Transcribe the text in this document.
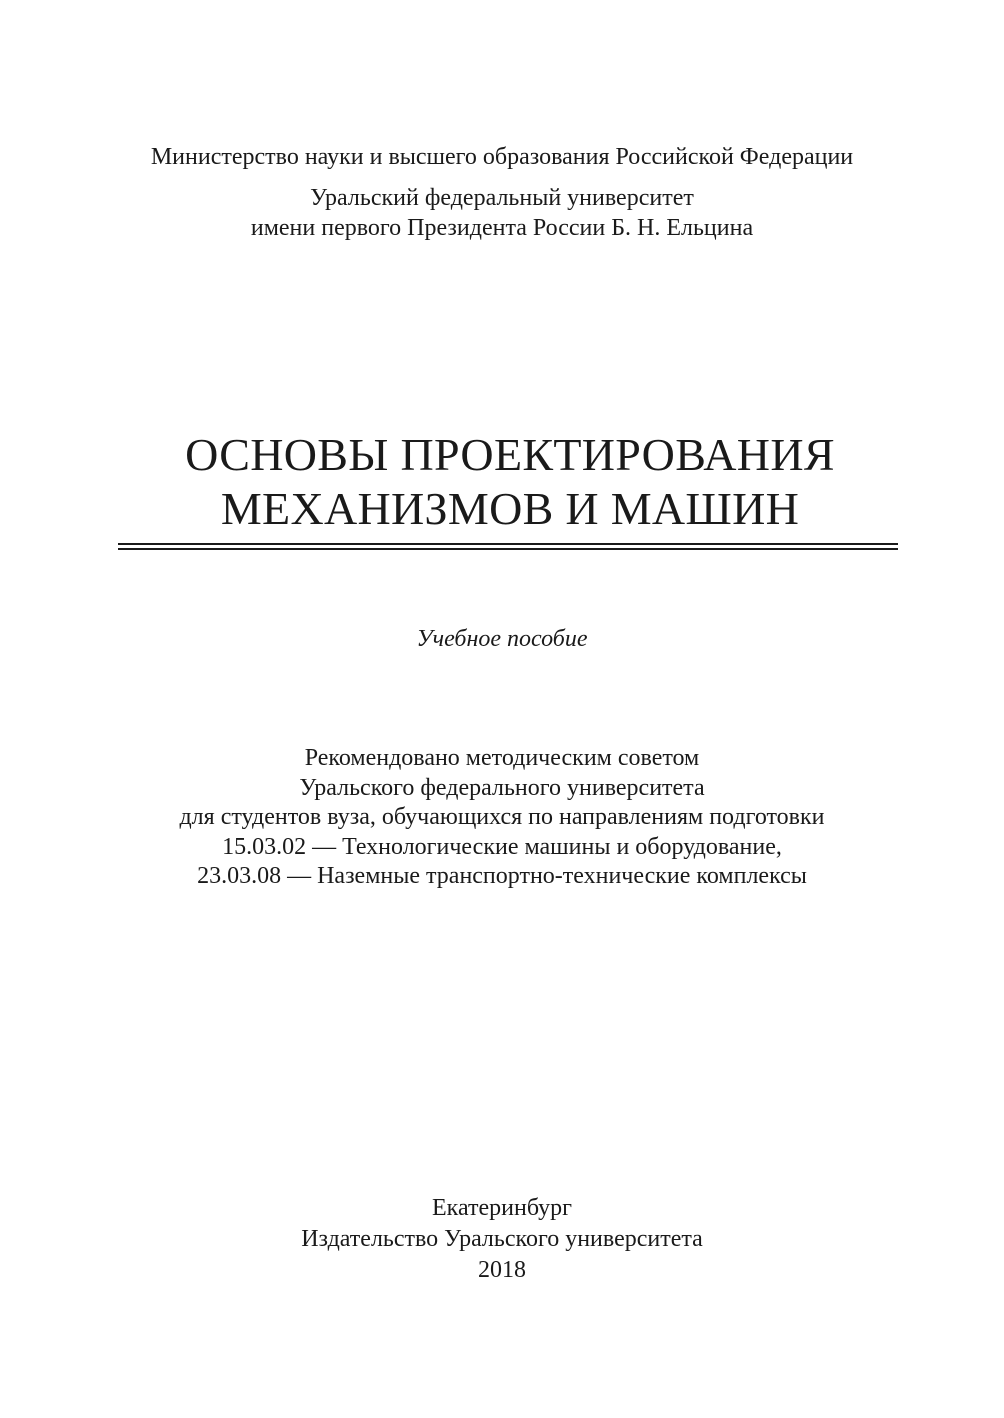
Министерство науки и высшего образования Российской Федерации
Уральский федеральный университет
имени первого Президента России Б. Н. Ельцина
ОСНОВЫ ПРОЕКТИРОВАНИЯ
МЕХАНИЗМОВ И МАШИН
Учебное пособие
Рекомендовано методическим советом
Уральского федерального университета
для студентов вуза, обучающихся по направлениям подготовки
15.03.02 — Технологические машины и оборудование,
23.03.08 — Наземные транспортно-технические комплексы
Екатеринбург
Издательство Уральского университета
2018
